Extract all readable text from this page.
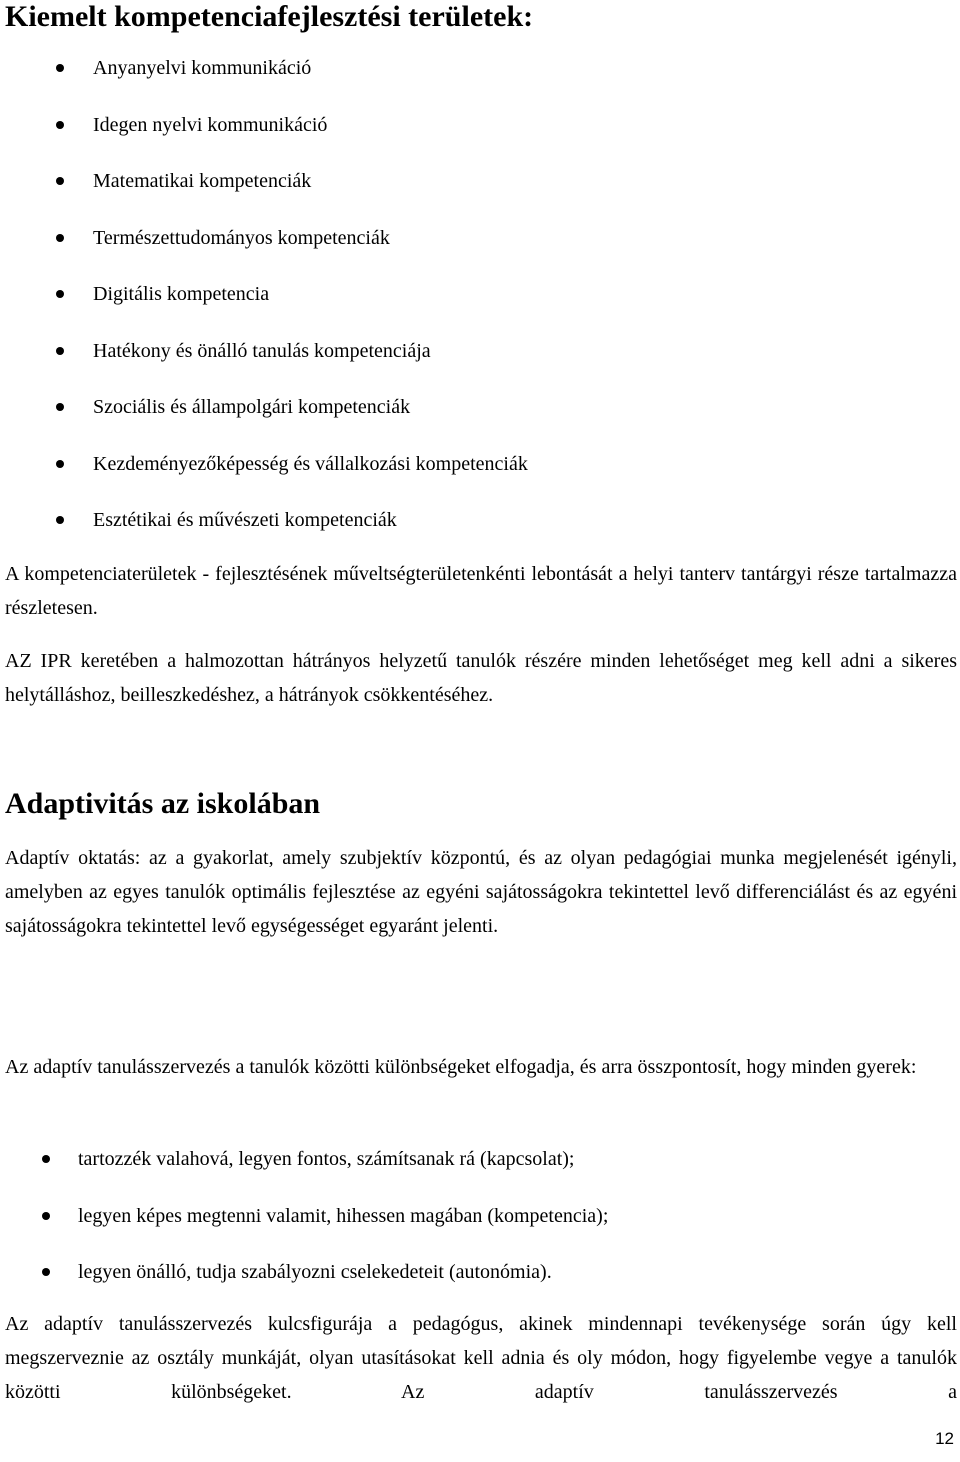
Kiemelt kompetenciafejlesztési területek:
Anyanyelvi kommunikáció
Idegen nyelvi kommunikáció
Matematikai kompetenciák
Természettudományos kompetenciák
Digitális kompetencia
Hatékony és önálló tanulás kompetenciája
Szociális és állampolgári kompetenciák
Kezdeményezőképesség és vállalkozási kompetenciák
Esztétikai és művészeti kompetenciák

A kompetenciaterületek - fejlesztésének műveltségterületenkénti lebontását a helyi tanterv tantárgyi része tartalmazza részletesen.

AZ IPR keretében a halmozottan hátrányos helyzetű tanulók részére minden lehetőséget meg kell adni a sikeres helytálláshoz, beilleszkedéshez, a hátrányok csökkentéséhez.

Adaptivitás az iskolában

Adaptív oktatás: az a gyakorlat, amely szubjektív központú, és az olyan pedagógiai munka megjelenését igényli, amelyben az egyes tanulók optimális fejlesztése az egyéni sajátosságokra tekintettel levő differenciálást és az egyéni sajátosságokra tekintettel levő egységességet egyaránt jelenti.

Az adaptív tanulásszervezés a tanulók közötti különbségeket elfogadja, és arra összpontosít, hogy minden gyerek:

tartozzék valahová, legyen fontos, számítsanak rá (kapcsolat);
legyen képes megtenni valamit, hihessen magában (kompetencia);
legyen önálló, tudja szabályozni cselekedeteit (autonómia).

Az adaptív tanulásszervezés kulcsfigurája a pedagógus, akinek mindennapi tevékenysége során úgy kell megszerveznie az osztály munkáját, olyan utasításokat kell adnia és oly módon, hogy figyelembe vegye a tanulók közötti különbségeket. Az adaptív tanulásszervezés a

12
